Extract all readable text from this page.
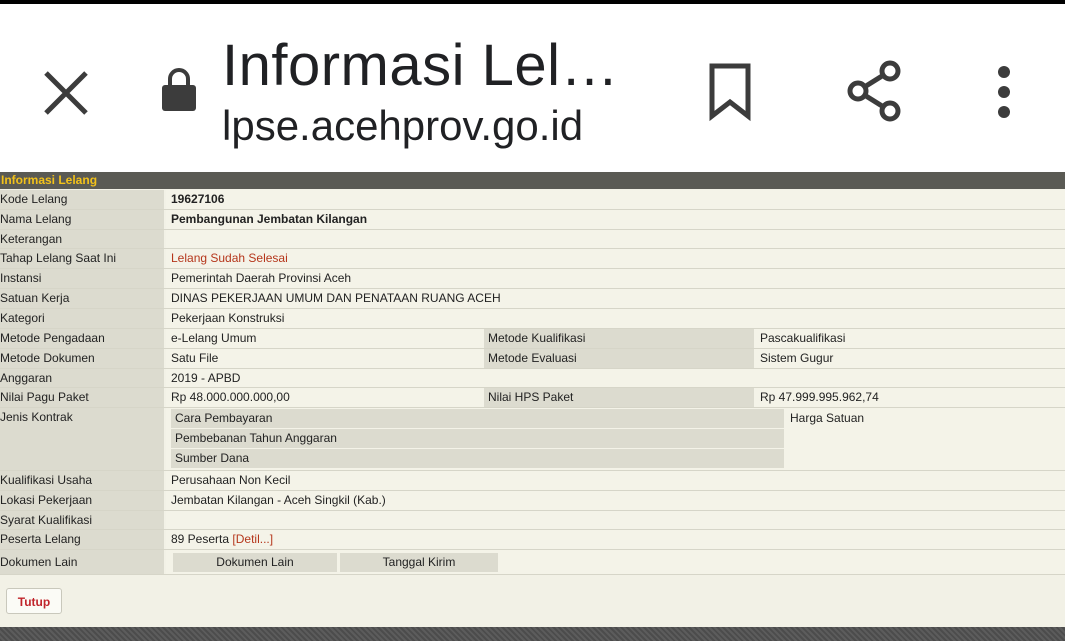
Informasi Lel…
lpse.acehprov.go.id
Informasi Lelang
Kode Lelang	19627106
Nama Lelang	Pembangunan Jembatan Kilangan
Keterangan
Tahap Lelang Saat Ini	Lelang Sudah Selesai
Instansi	Pemerintah Daerah Provinsi Aceh
Satuan Kerja	DINAS PEKERJAAN UMUM DAN PENATAAN RUANG ACEH
Kategori	Pekerjaan Konstruksi
Metode Pengadaan	e-Lelang Umum	Metode Kualifikasi	Pascakualifikasi
Metode Dokumen	Satu File	Metode Evaluasi	Sistem Gugur
Anggaran	2019 - APBD
Nilai Pagu Paket	Rp 48.000.000.000,00	Nilai HPS Paket	Rp 47.999.995.962,74
Jenis Kontrak	Cara Pembayaran	Harga Satuan
Pembebanan Tahun Anggaran
Sumber Dana
Kualifikasi Usaha	Perusahaan Non Kecil
Lokasi Pekerjaan	Jembatan Kilangan - Aceh Singkil (Kab.)
Syarat Kualifikasi
Peserta Lelang	89 Peserta [Detil...]
Dokumen Lain	Dokumen Lain	Tanggal Kirim
Tutup
